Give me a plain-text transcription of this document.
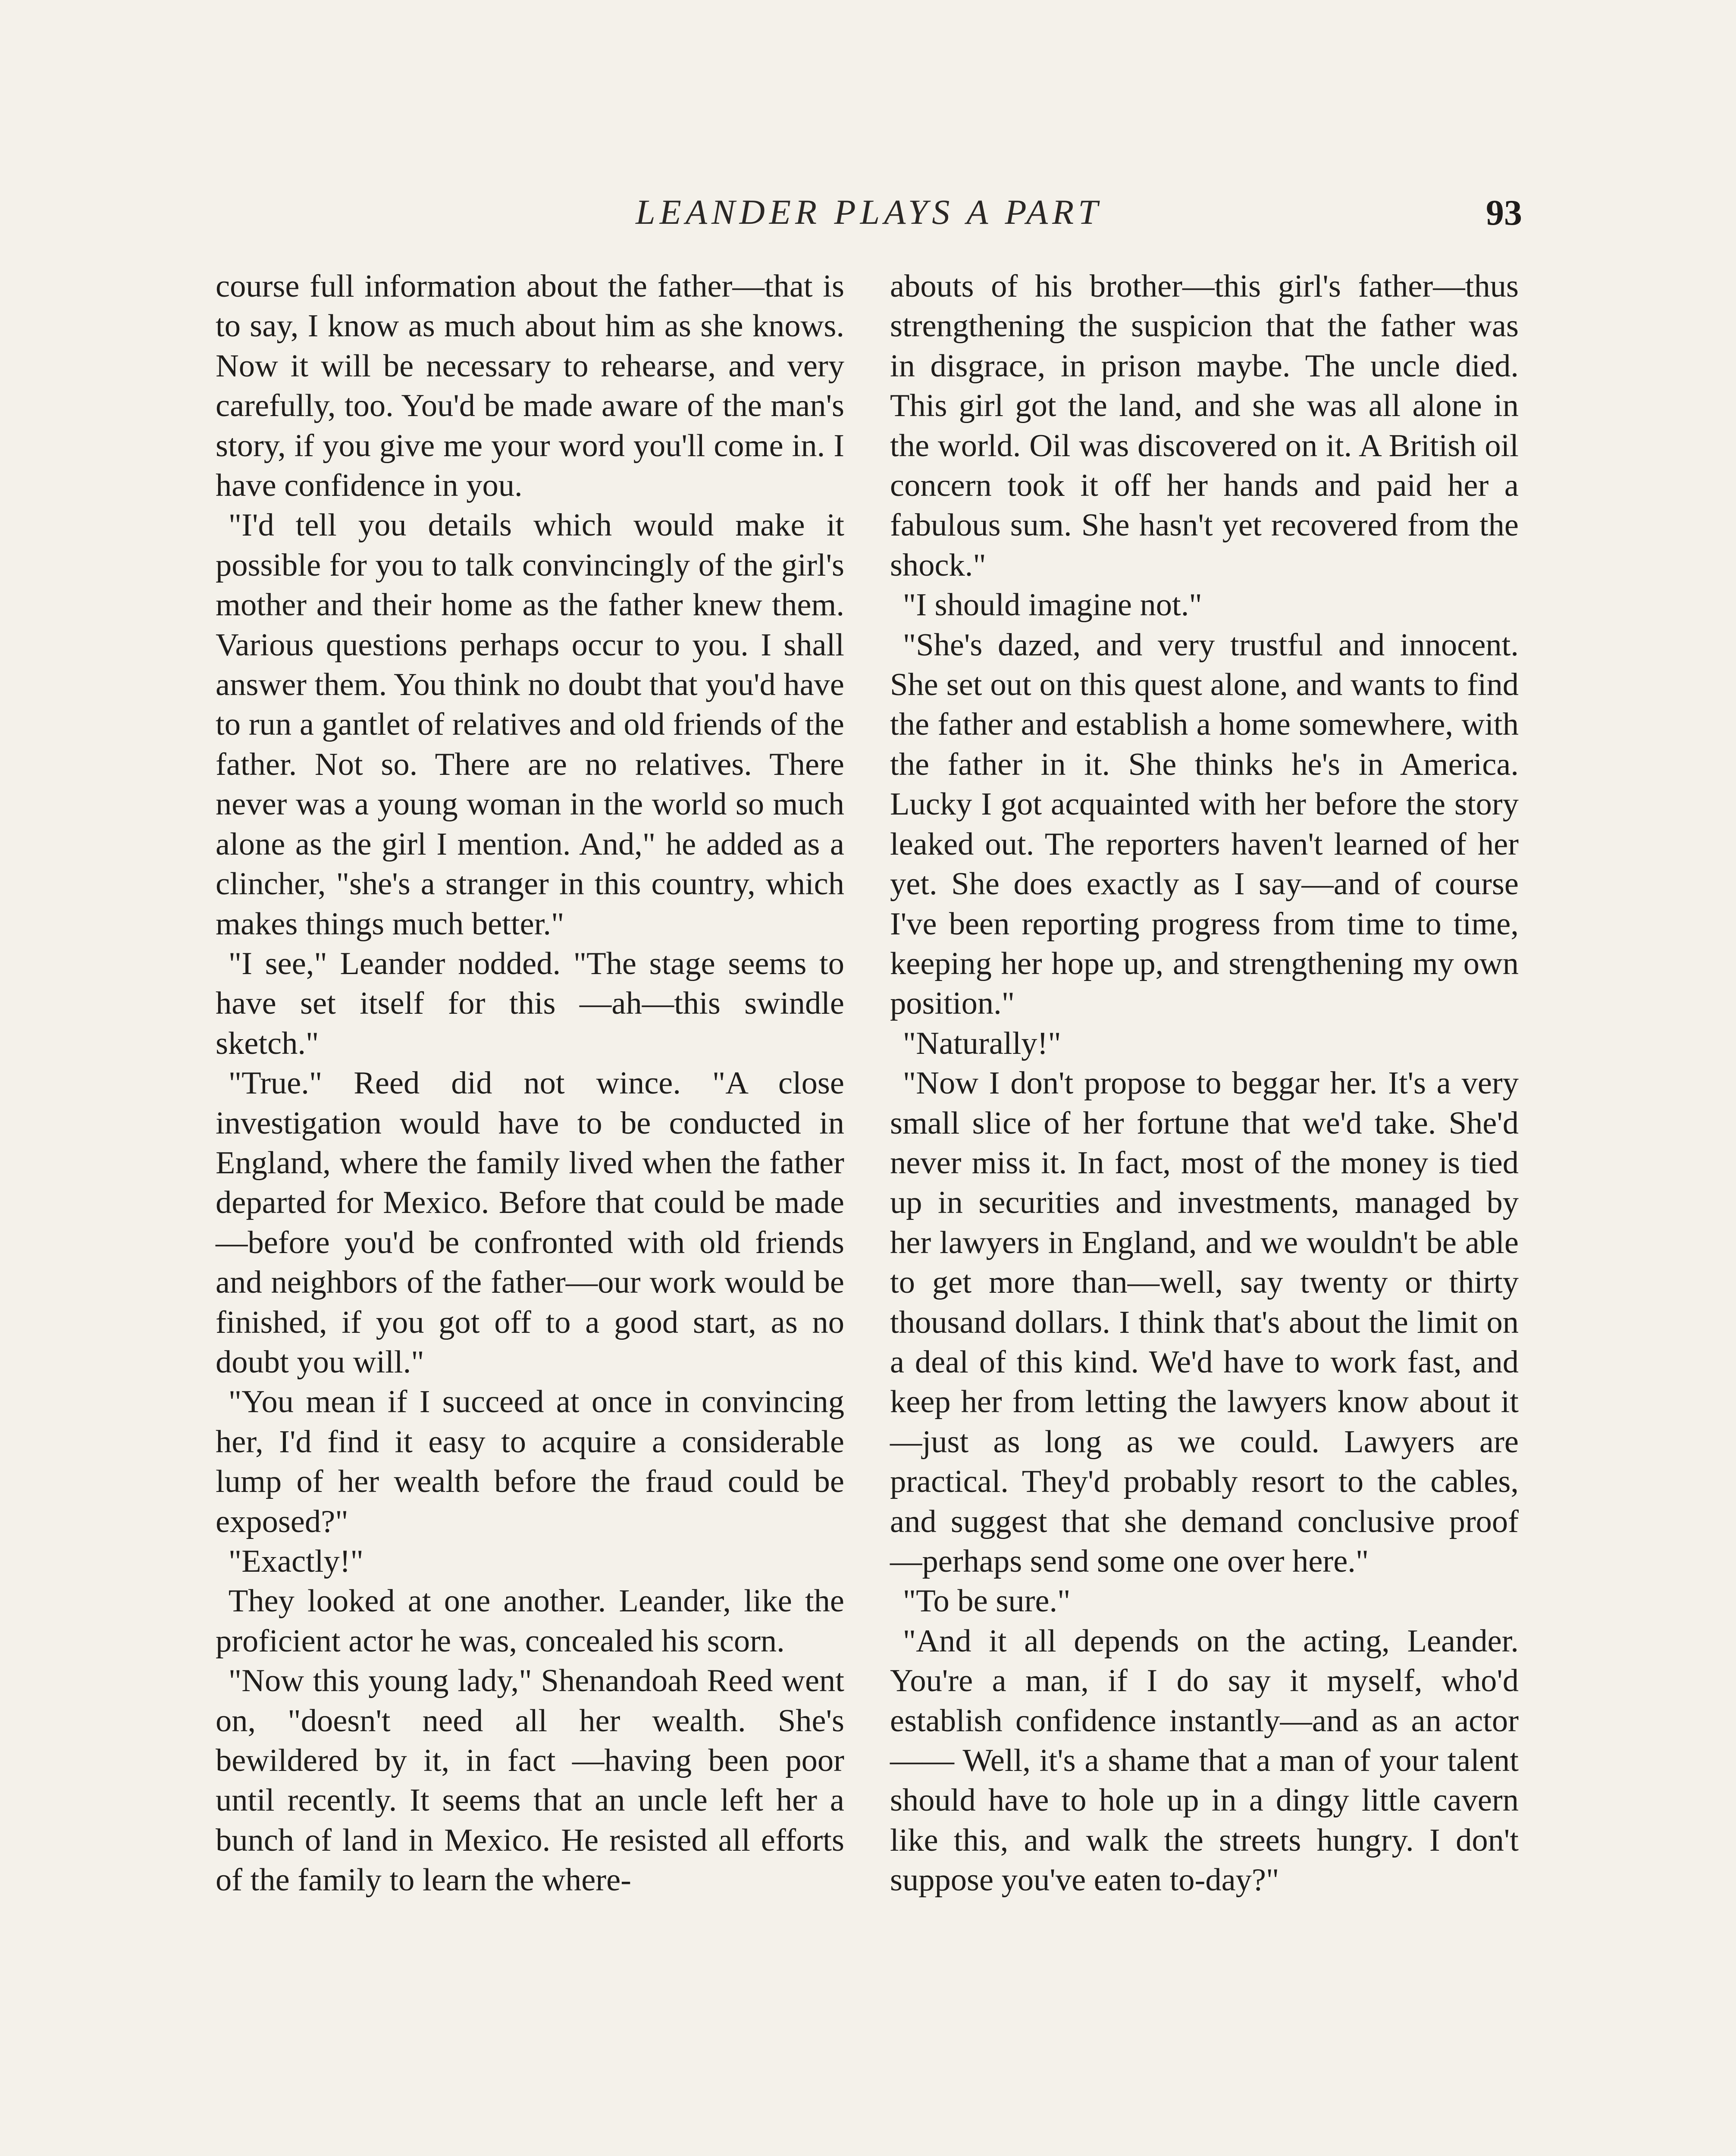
LEANDER PLAYS A PART	93

course full information about the father—that is to say, I know as much about him as she knows. Now it will be necessary to rehearse, and very carefully, too. You'd be made aware of the man's story, if you give me your word you'll come in. I have confidence in you.

"I'd tell you details which would make it possible for you to talk convincingly of the girl's mother and their home as the father knew them. Various questions perhaps occur to you. I shall answer them. You think no doubt that you'd have to run a gantlet of relatives and old friends of the father. Not so. There are no relatives. There never was a young woman in the world so much alone as the girl I mention. And," he added as a clincher, "she's a stranger in this country, which makes things much better."

"I see," Leander nodded. "The stage seems to have set itself for this —ah—this swindle sketch."

"True." Reed did not wince. "A close investigation would have to be conducted in England, where the family lived when the father departed for Mexico. Before that could be made—before you'd be confronted with old friends and neighbors of the father—our work would be finished, if you got off to a good start, as no doubt you will."

"You mean if I succeed at once in convincing her, I'd find it easy to acquire a considerable lump of her wealth before the fraud could be exposed?"

"Exactly!"

They looked at one another. Leander, like the proficient actor he was, concealed his scorn.

"Now this young lady," Shenandoah Reed went on, "doesn't need all her wealth. She's bewildered by it, in fact —having been poor until recently. It seems that an uncle left her a bunch of land in Mexico. He resisted all efforts of the family to learn the where-

abouts of his brother—this girl's father—thus strengthening the suspicion that the father was in disgrace, in prison maybe. The uncle died. This girl got the land, and she was all alone in the world. Oil was discovered on it. A British oil concern took it off her hands and paid her a fabulous sum. She hasn't yet recovered from the shock."

"I should imagine not."

"She's dazed, and very trustful and innocent. She set out on this quest alone, and wants to find the father and establish a home somewhere, with the father in it. She thinks he's in America. Lucky I got acquainted with her before the story leaked out. The reporters haven't learned of her yet. She does exactly as I say—and of course I've been reporting progress from time to time, keeping her hope up, and strengthening my own position."

"Naturally!"

"Now I don't propose to beggar her. It's a very small slice of her fortune that we'd take. She'd never miss it. In fact, most of the money is tied up in securities and investments, managed by her lawyers in England, and we wouldn't be able to get more than—well, say twenty or thirty thousand dollars. I think that's about the limit on a deal of this kind. We'd have to work fast, and keep her from letting the lawyers know about it—just as long as we could. Lawyers are practical. They'd probably resort to the cables, and suggest that she demand conclusive proof —perhaps send some one over here."

"To be sure."

"And it all depends on the acting, Leander. You're a man, if I do say it myself, who'd establish confidence instantly—and as an actor—— Well, it's a shame that a man of your talent should have to hole up in a dingy little cavern like this, and walk the streets hungry. I don't suppose you've eaten to-day?"
